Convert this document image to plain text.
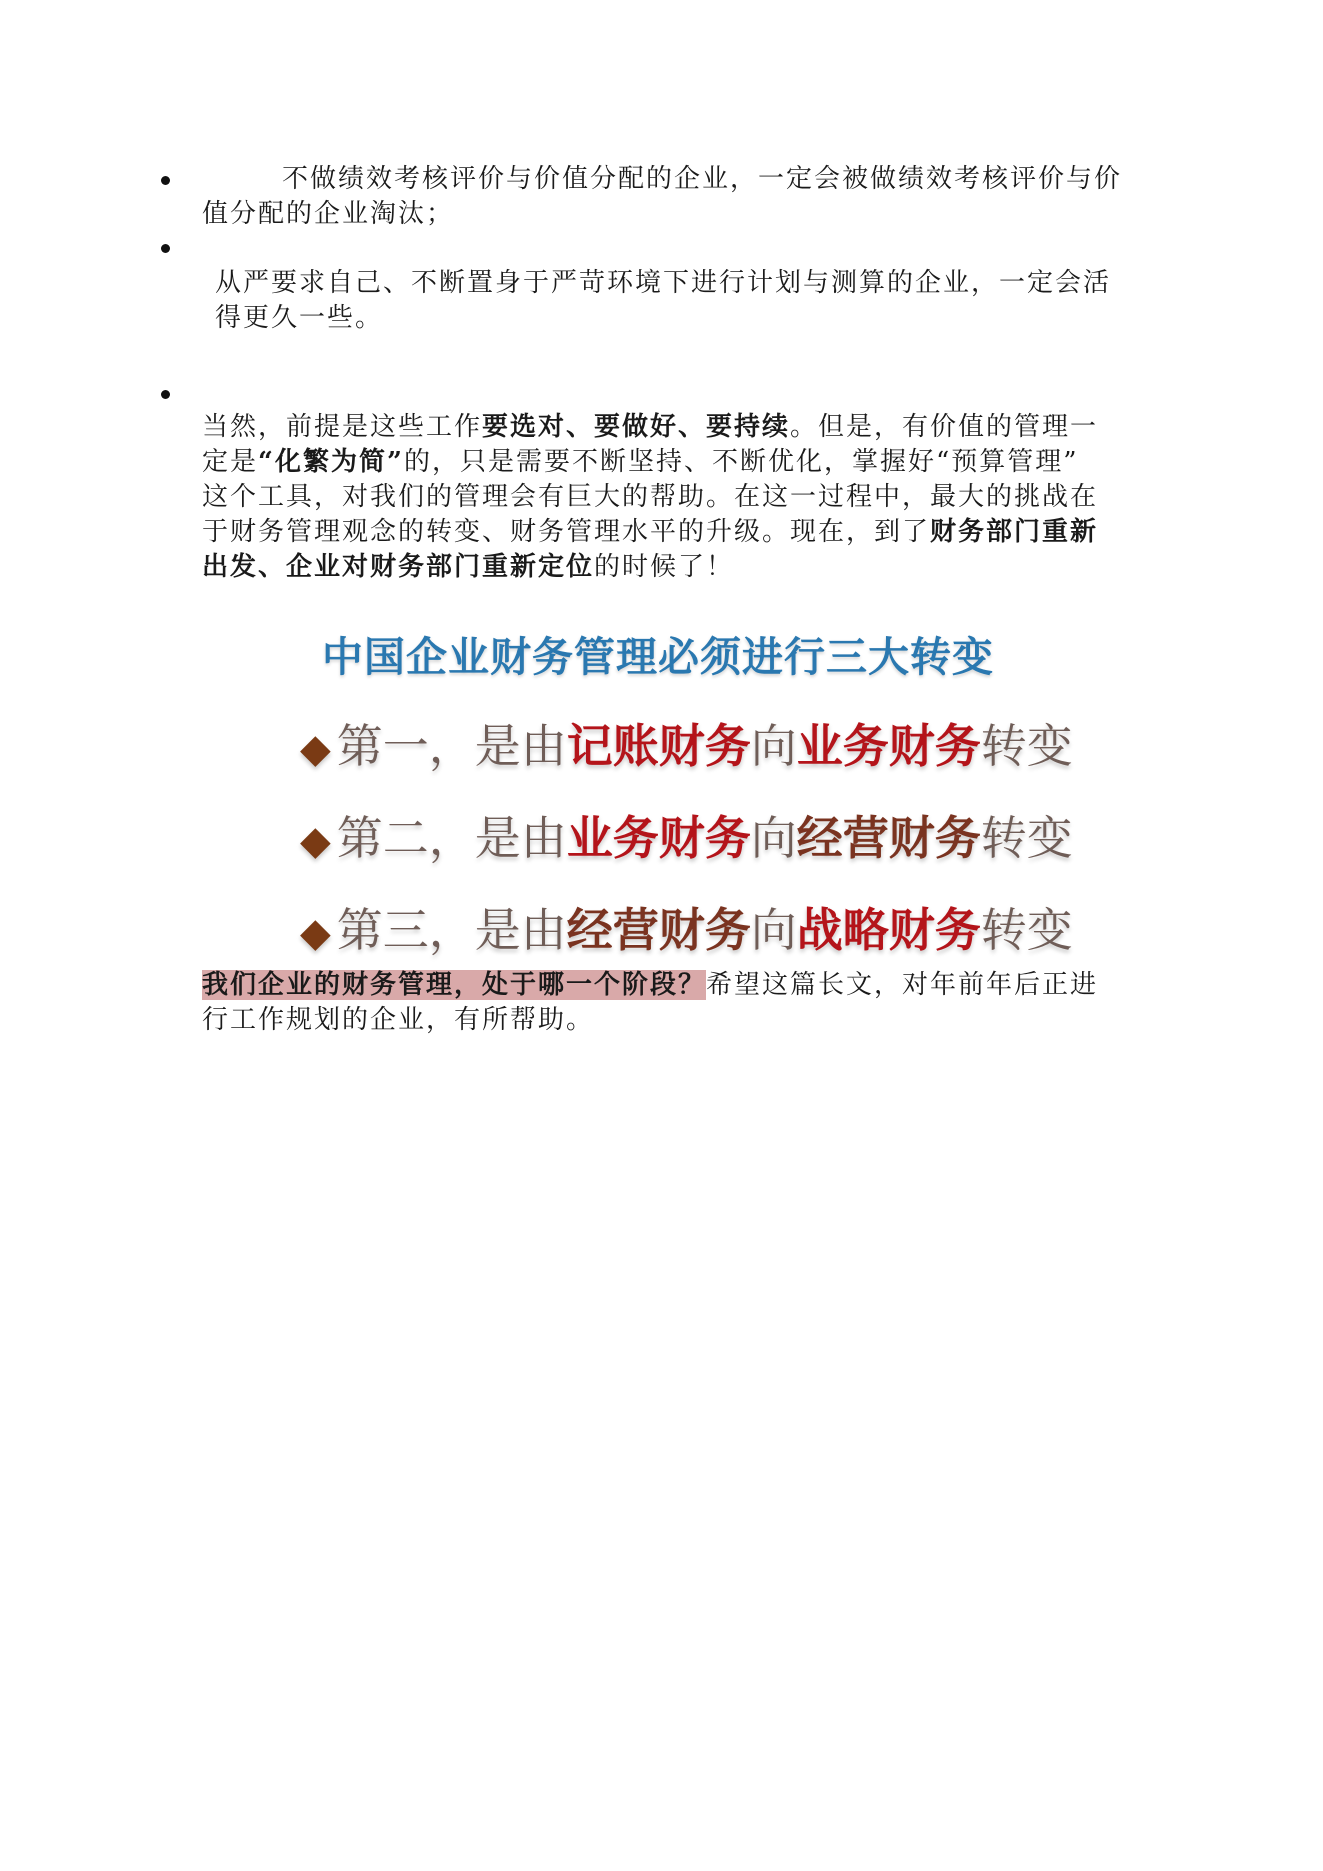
不做绩效考核评价与价值分配的企业，一定会被做绩效考核评价与价
值分配的企业淘汰；
从严要求自己、不断置身于严苛环境下进行计划与测算的企业，一定会活
得更久一些。
当然，前提是这些工作要选对、要做好、要持续。但是，有价值的管理一
定是“化繁为简”的，只是需要不断坚持、不断优化，掌握好“预算管理”
这个工具，对我们的管理会有巨大的帮助。在这一过程中，最大的挑战在
于财务管理观念的转变、财务管理水平的升级。现在，到了财务部门重新
出发、企业对财务部门重新定位的时候了！
中国企业财务管理必须进行三大转变
◆ 第一，是由记账财务向业务财务转变
◆ 第二，是由业务财务向经营财务转变
◆ 第三，是由经营财务向战略财务转变
我们企业的财务管理，处于哪一个阶段？希望这篇长文，对年前年后正进
行工作规划的企业，有所帮助。
